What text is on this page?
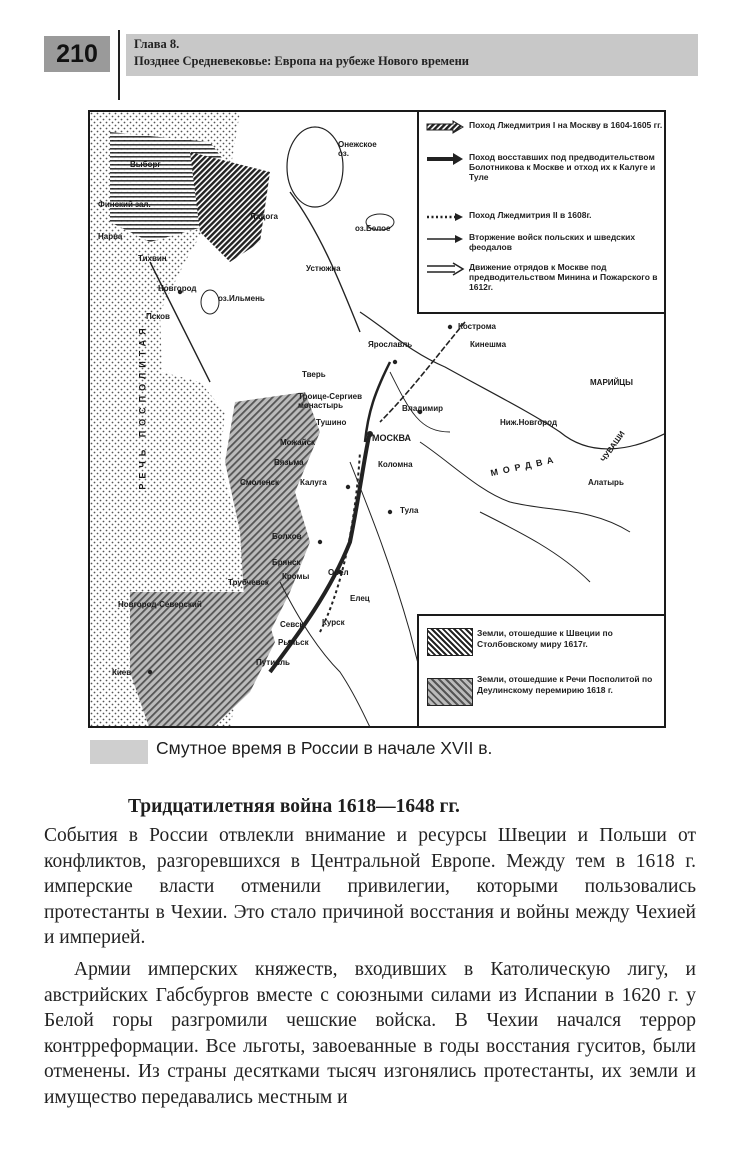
210	Глава 8.
Позднее Средневековье: Европа на рубеже Нового времени
Поход Лжедмитрия I на Москву в 1604-1605 гг.
Поход восставших под предводительством Болотникова к Москве и отход их к Калуге и Туле
Поход Лжедмитрия II в 1608г.
Вторжение войск польских и шведских феодалов
Движение отрядов к Москве под предводительством Минина и Пожарского в 1612г.
Земли, отошедшие к Швеции по Столбовскому миру 1617г.
Земли, отошедшие к Речи Посполитой по Деулинскому перемирию 1618 г.
Онежское оз.
Выборг
Финский зал.
Нарва
Ладога
оз.Белое
Устюжна
Тихвин
Новгород
оз.Ильмень
Псков
Кострома
Кинешма
Ярославль
МАРИЙЦЫ
Тверь
Троице-Сергиев монастырь	Владимир
Тушино
МОСКВА
Ниж.Новгород
Можайск
Вязьма	Коломна	МОРДВА
ЧУВАШИ
Алатырь
Смоленск	Калуга
Тула
Болхов
Брянск
Кромы Орел
Трубчевск
Елец
Новгород-Северский
Севск Курск
Рыльск
Путивль
Киев
РЕЧЬ ПОСПОЛИТАЯ
Смутное время в России в начале XVII в.
Тридцатилетняя война 1618—1648 гг.
События в России отвлекли внимание и ресурсы Швеции и Польши от конфликтов, разгоревшихся в Центральной Европе. Между тем в 1618 г. имперские власти отменили привилегии, которыми пользовались протестанты в Чехии. Это стало причиной восстания и войны между Чехией и империей.
Армии имперских княжеств, входивших в Католическую лигу, и австрийских Габсбургов вместе с союзными силами из Испании в 1620 г. у Белой горы разгромили чешские войска. В Чехии начался террор контрреформации. Все льготы, завоеванные в годы восстания гуситов, были отменены. Из страны десятками тысяч изгонялись протестанты, их земли и имущество передавались местным и
